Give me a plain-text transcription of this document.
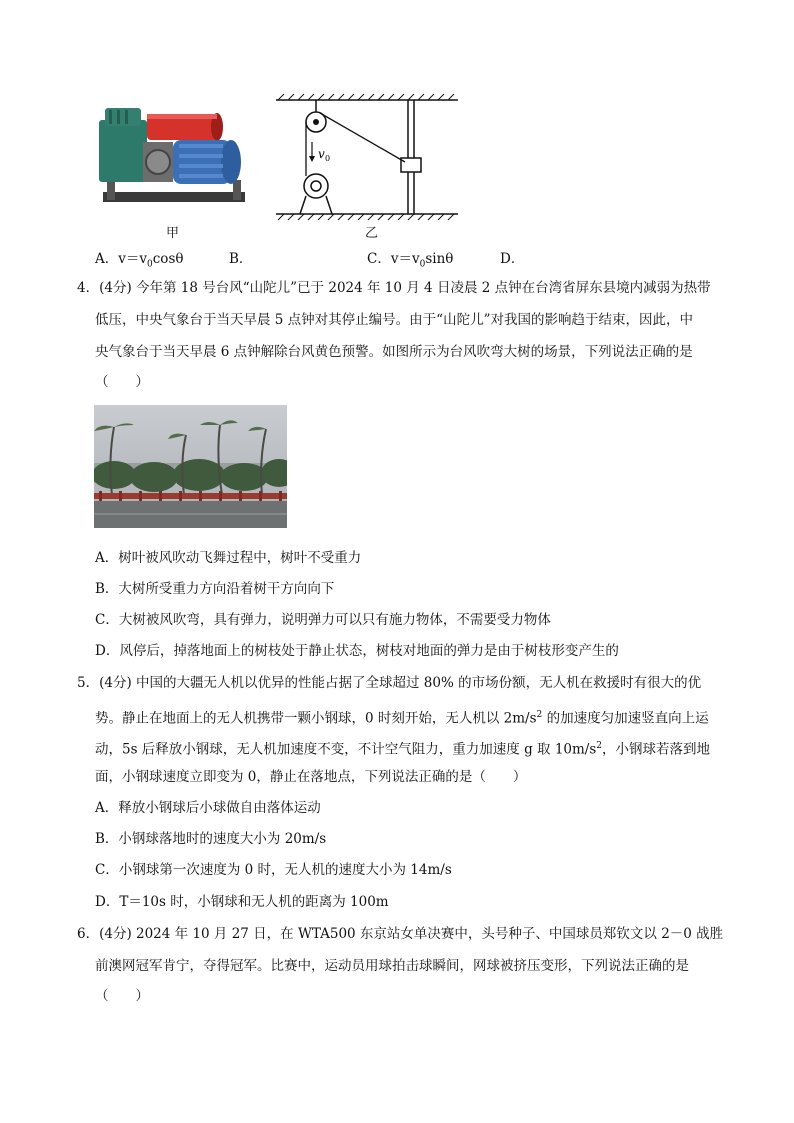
v 0
甲	乙
A．$v=v_0\cos\theta$	B．	C．$v=v_0\sin\theta$	D．
4．(4分) 今年第 18 号台风“山陀儿”已于 2024 年 10 月 4 日凌晨 2 点钟在台湾省屏东县境内减弱为热带
低压，中央气象台于当天早晨 5 点钟对其停止编号。由于“山陀儿”对我国的影响趋于结束，因此，中
央气象台于当天早晨 6 点钟解除台风黄色预警。如图所示为台风吹弯大树的场景，下列说法正确的是
（　　）
A．树叶被风吹动飞舞过程中，树叶不受重力
B．大树所受重力方向沿着树干方向向下
C．大树被风吹弯，具有弹力，说明弹力可以只有施力物体，不需要受力物体
D．风停后，掉落地面上的树枝处于静止状态，树枝对地面的弹力是由于树枝形变产生的
5．(4分) 中国的大疆无人机以优异的性能占据了全球超过 80% 的市场份额，无人机在救援时有很大的优
势。静止在地面上的无人机携带一颗小钢球，0 时刻开始，无人机以 $2m/s^2$ 的加速度匀加速竖直向上运
动，5s 后释放小钢球，无人机加速度不变，不计空气阻力，重力加速度 g 取 $10m/s^2$，小钢球若落到地
面，小钢球速度立即变为 0，静止在落地点，下列说法正确的是（　　）
A．释放小钢球后小球做自由落体运动
B．小钢球落地时的速度大小为 20m/s
C．小钢球第一次速度为 0 时，无人机的速度大小为 14m/s
D．T＝10s 时，小钢球和无人机的距离为 100m
6．(4分) 2024 年 10 月 27 日，在 WTA500 东京站女单决赛中，头号种子、中国球员郑钦文以 2－0 战胜
前澳网冠军肯宁，夺得冠军。比赛中，运动员用球拍击球瞬间，网球被挤压变形，下列说法正确的是
（　　）
